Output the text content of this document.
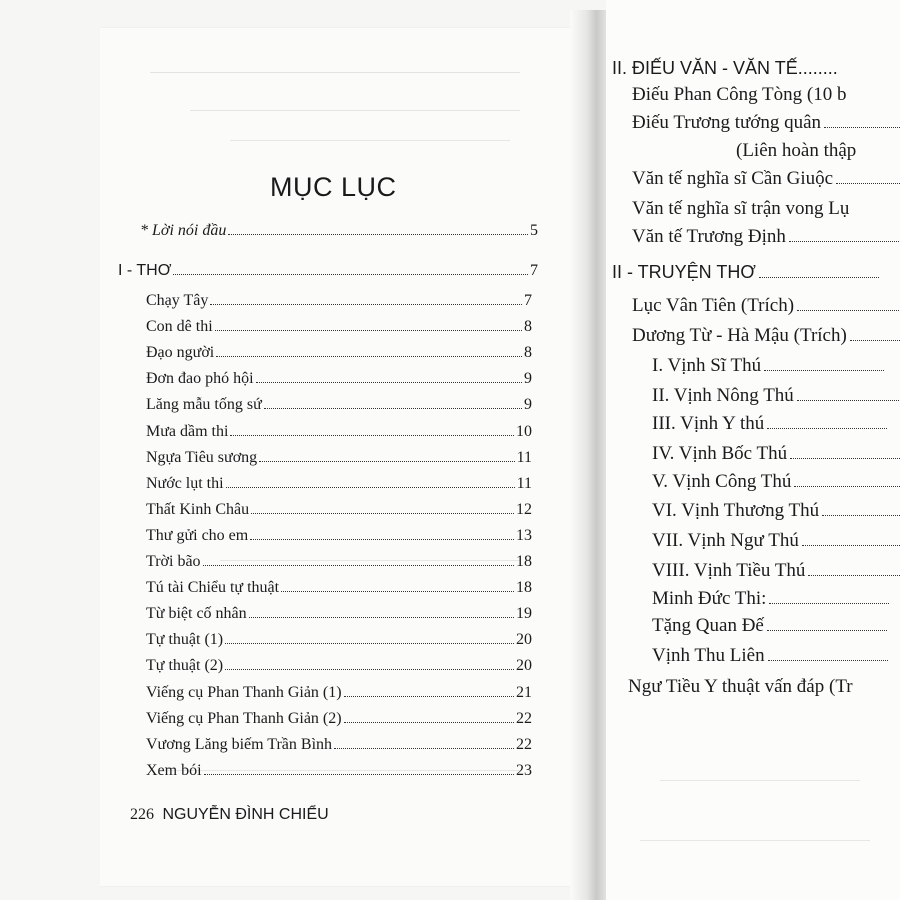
MỤC LỤC
* Lời nói đầu	5
I - THƠ	7
Chạy Tây	7
Con dê thi	8
Đạo người	8
Đơn đao phó hội	9
Lăng mẫu tống sứ	9
Mưa dầm thi	10
Ngựa Tiêu sương	11
Nước lụt thi	11
Thất Kinh Châu	12
Thư gửi cho em	13
Trời bão	18
Tú tài Chiểu tự thuật	18
Từ biệt cố nhân	19
Tự thuật (1)	20
Tự thuật (2)	20
Viếng cụ Phan Thanh Giản (1)	21
Viếng cụ Phan Thanh Giản (2)	22
Vương Lăng biếm Trần Bình	22
Xem bói	23
226 NGUYỄN ĐÌNH CHIỂU
II. ĐIẾU VĂN - VĂN TẾ........
Điếu Phan Công Tòng (10 b
Điếu Trương tướng quân
(Liên hoàn thập
Văn tế nghĩa sĩ Cần Giuộc
Văn tế nghĩa sĩ trận vong Lụ
Văn tế Trương Định
II - TRUYỆN THƠ
Lục Vân Tiên (Trích)
Dương Từ - Hà Mậu (Trích)
I. Vịnh Sĩ Thú
II. Vịnh Nông Thú
III. Vịnh Y thú
IV. Vịnh Bốc Thú
V. Vịnh Công Thú
VI. Vịnh Thương Thú
VII. Vịnh Ngư Thú
VIII. Vịnh Tiều Thú
Minh Đức Thi:
Tặng Quan Đế
Vịnh Thu Liên
Ngư Tiều Y thuật vấn đáp (Tr
